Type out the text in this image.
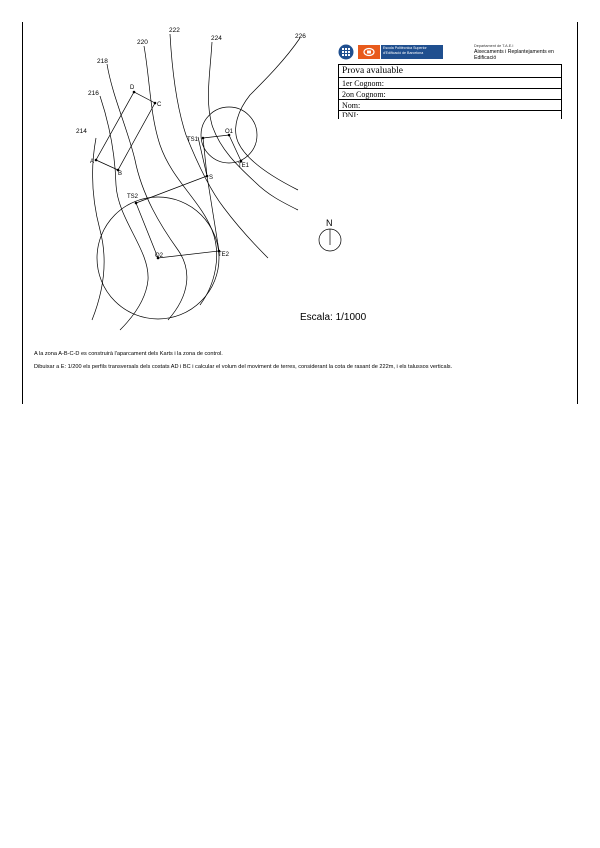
214
216
218
220
222
224	226
A
B
C
D
S
O1
O2
TS1
TE1
TS2
TE2
N
Escala: 1/1000
Escola Politècnica Superior d'Edificació de Barcelona
Departament de T.A.E.I
Aixecaments i Replantejaments en Edificació
Prova avaluable
1er Cognom:
2on Cognom:
Nom:
DNI:
A la zona A-B-C-D es construirà l'aparcament dels Karts i la zona de control.
Dibuixar a E: 1/200 els perfils transversals dels costats AD i BC i calcular el volum del moviment de terres, considerant la cota de rasant de 222m, i els talussos verticals.
